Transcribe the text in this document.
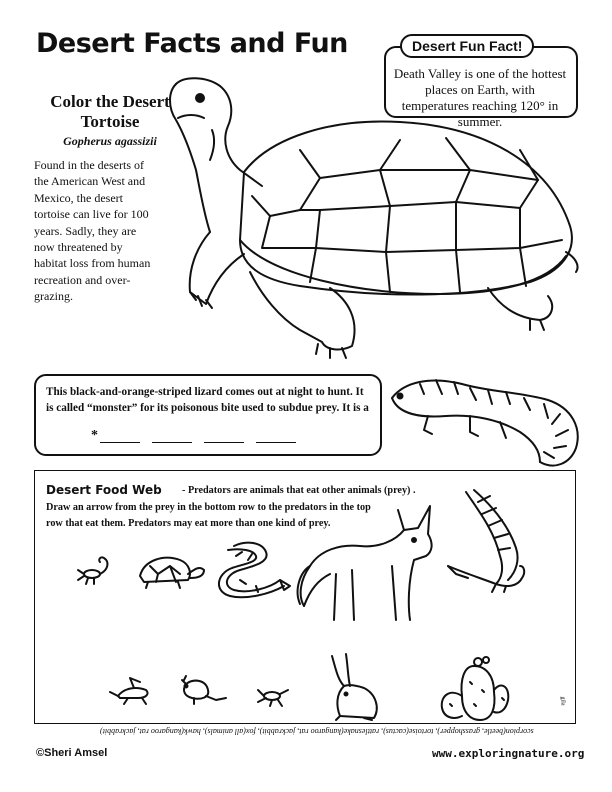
Desert Facts and Fun	Desert Fun Fact!
Death Valley is one of the hottest places on Earth, with temperatures reaching 120° in summer.
Color the Desert Tortoise
Gopherus agassizii
Found in the deserts of the American West and Mexico, the desert tortoise can live for 100 years. Sadly, they are now threatened by habitat loss from human recreation and over-grazing.
This black-and-orange-striped lizard comes out at night to hunt. It is called “monster” for its poisonous bite used to subdue prey. It is a
*
Desert Food Web - Predators are animals that eat other animals (prey) .
Draw an arrow from the prey in the bottom row to the predators in the top row that eat them. Predators may eat more than one kind of prey.
scorpion(beetle, grasshopper), tortoise(cactus), rattlesnake(kangaroo rat, jackrabbit), fox(all animals), hawk(kangaroo rat, jackrabbit)
gila
©Sheri Amsel	www.exploringnature.org
